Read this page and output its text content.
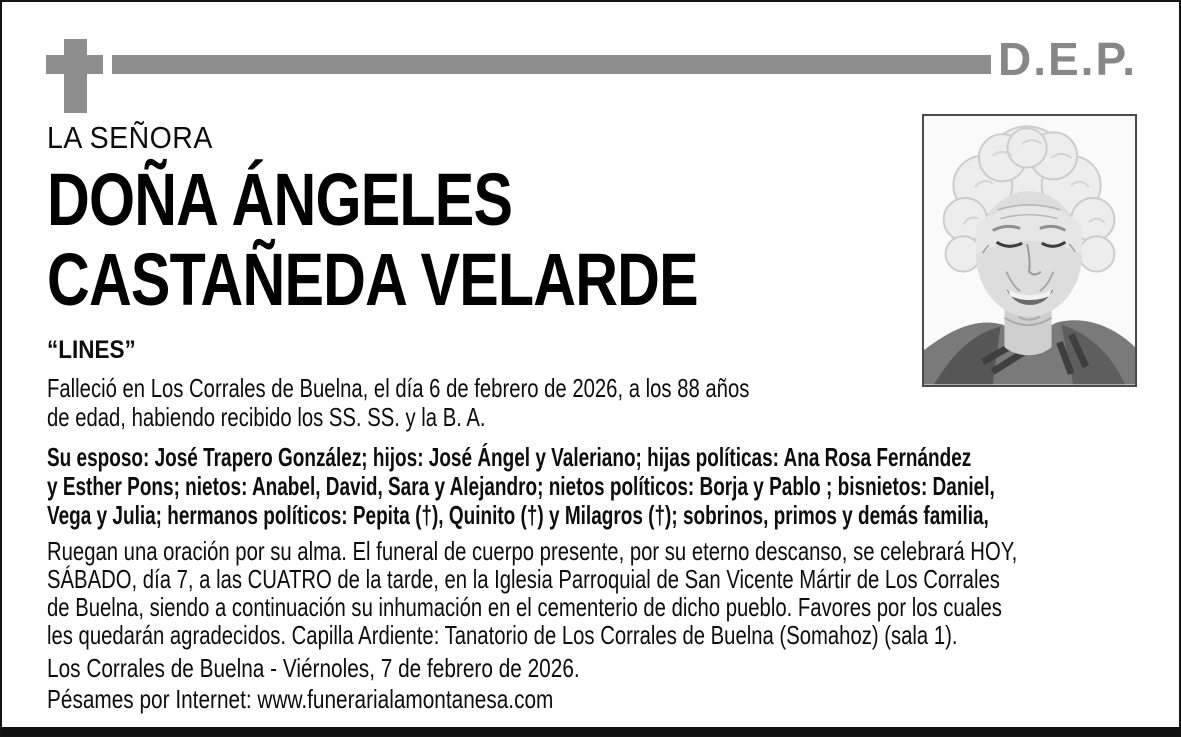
D.E.P.
LA SEÑORA
DOÑA ÁNGELES
CASTAÑEDA VELARDE
“LINES”
Falleció en Los Corrales de Buelna, el día 6 de febrero de 2026, a los 88 años
de edad, habiendo recibido los SS. SS. y la B. A.
Su esposo: José Trapero González; hijos: José Ángel y Valeriano; hijas políticas: Ana Rosa Fernández
y Esther Pons; nietos: Anabel, David, Sara y Alejandro; nietos políticos: Borja y Pablo ; bisnietos: Daniel,
Vega y Julia; hermanos políticos: Pepita (†), Quinito (†) y Milagros (†); sobrinos, primos y demás familia,
Ruegan una oración por su alma. El funeral de cuerpo presente, por su eterno descanso, se celebrará HOY,
SÁBADO, día 7, a las CUATRO de la tarde, en la Iglesia Parroquial de San Vicente Mártir de Los Corrales
de Buelna, siendo a continuación su inhumación en el cementerio de dicho pueblo. Favores por los cuales
les quedarán agradecidos. Capilla Ardiente: Tanatorio de Los Corrales de Buelna (Somahoz) (sala 1).
Los Corrales de Buelna - Viérnoles, 7 de febrero de 2026.
Pésames por Internet: www.funerarialamontanesa.com
